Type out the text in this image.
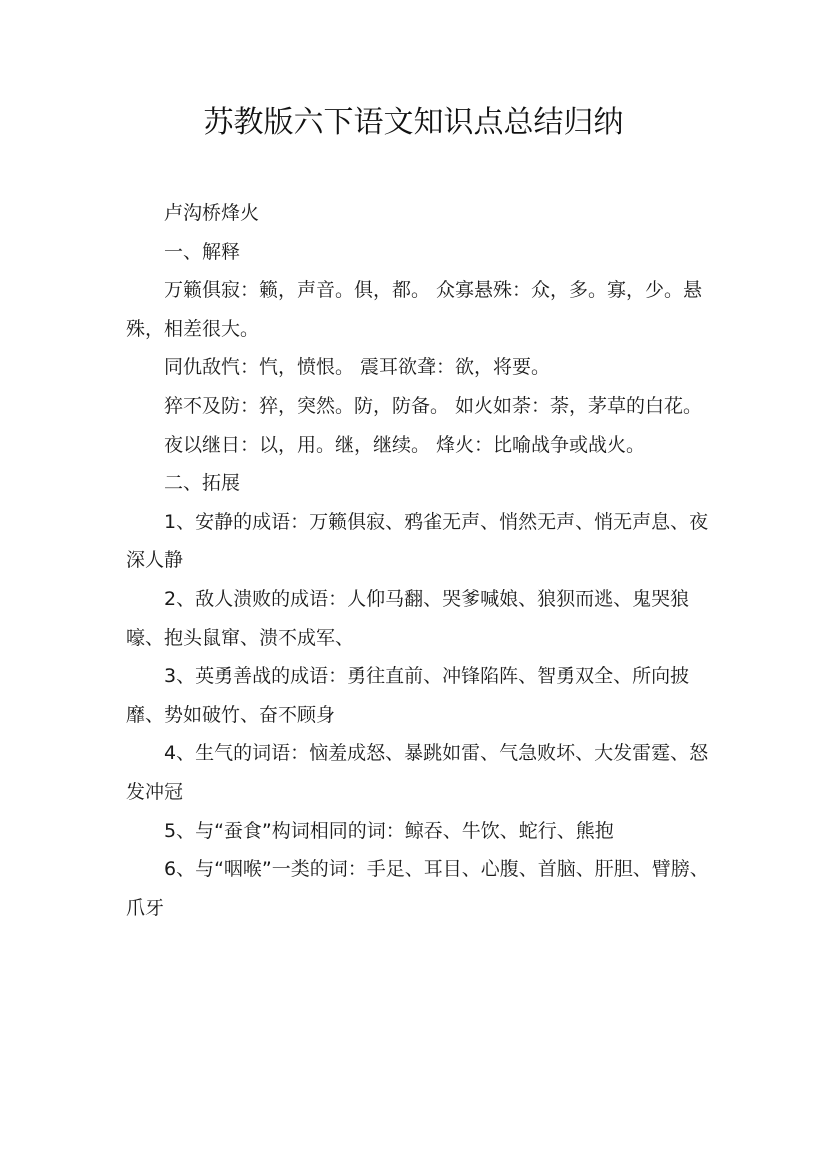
苏教版六下语文知识点总结归纳

卢沟桥烽火

一、解释

万籁俱寂：籁，声音。俱，都。 众寡悬殊：众，多。寡，少。悬殊，相差很大。

同仇敌忾：忾，愤恨。 震耳欲聋：欲，将要。

猝不及防：猝，突然。防，防备。 如火如荼：荼，茅草的白花。

夜以继日：以，用。继，继续。 烽火：比喻战争或战火。

二、拓展

1、安静的成语：万籁俱寂、鸦雀无声、悄然无声、悄无声息、夜深人静

2、敌人溃败的成语：人仰马翻、哭爹喊娘、狼狈而逃、鬼哭狼嚎、抱头鼠窜、溃不成军、

3、英勇善战的成语：勇往直前、冲锋陷阵、智勇双全、所向披靡、势如破竹、奋不顾身

4、生气的词语：恼羞成怒、暴跳如雷、气急败坏、大发雷霆、怒发冲冠

5、与“蚕食”构词相同的词：鲸吞、牛饮、蛇行、熊抱

6、与“咽喉”一类的词：手足、耳目、心腹、首脑、肝胆、臂膀、爪牙
